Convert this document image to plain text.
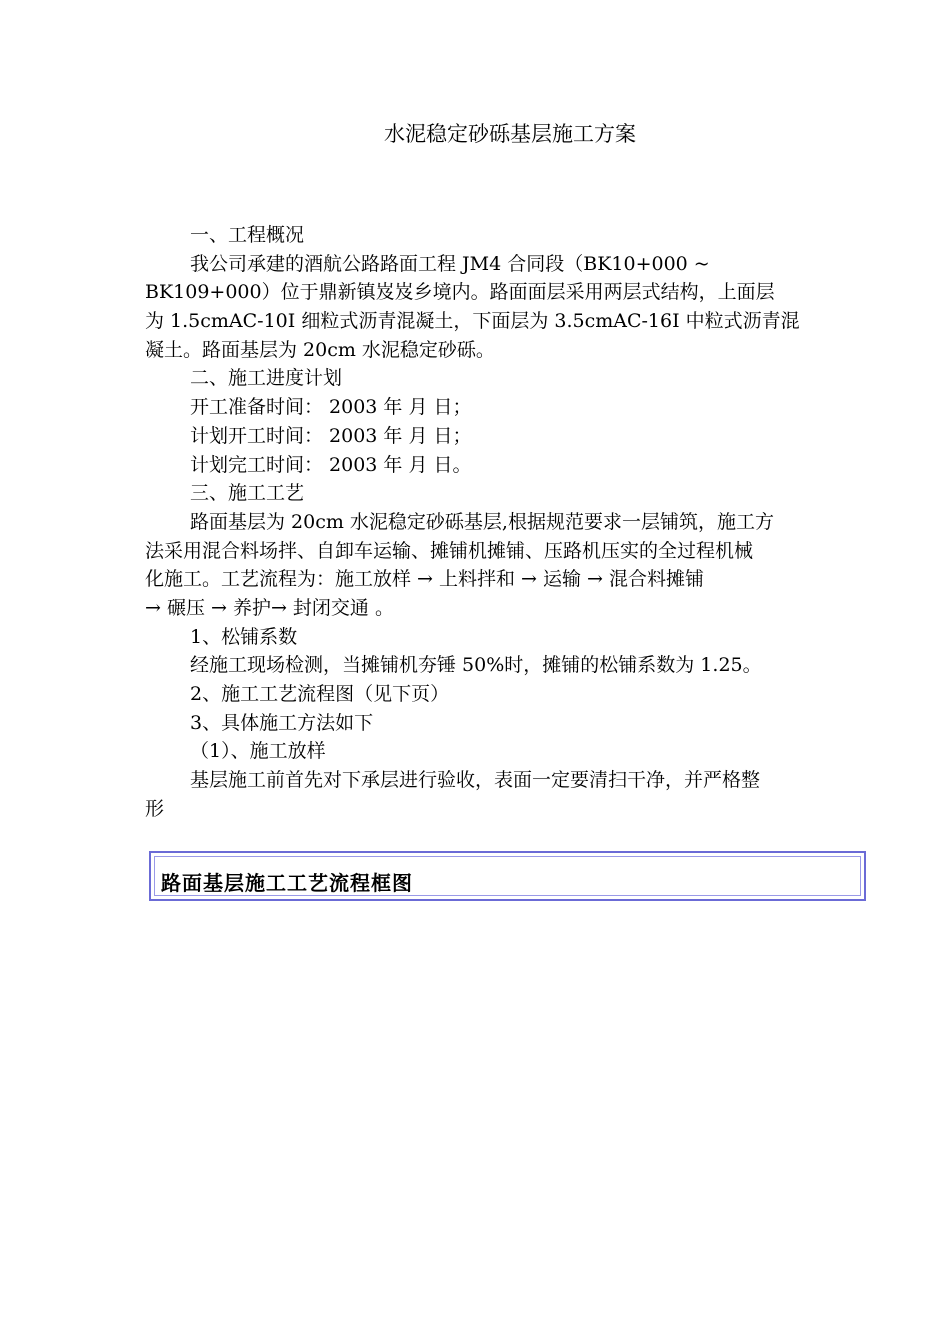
水泥稳定砂砾基层施工方案
一、工程概况
我公司承建的酒航公路路面工程 JM4 合同段（BK10+000 ~
BK109+000）位于鼎新镇岌岌乡境内。路面面层采用两层式结构，上面层
为 1.5cmAC-10I 细粒式沥青混凝土，下面层为 3.5cmAC-16I 中粒式沥青混
凝土。路面基层为 20cm 水泥稳定砂砾。
二、施工进度计划
开工准备时间： 2003 年 月 日；
计划开工时间： 2003 年 月 日；
计划完工时间： 2003 年 月 日。
三、施工工艺
路面基层为 20cm 水泥稳定砂砾基层,根据规范要求一层铺筑，施工方
法采用混合料场拌、自卸车运输、摊铺机摊铺、压路机压实的全过程机械
化施工。工艺流程为：施工放样 → 上料拌和 → 运输 → 混合料摊铺
→ 碾压 → 养护→ 封闭交通 。
1、松铺系数
经施工现场检测，当摊铺机夯锤 50%时，摊铺的松铺系数为 1.25。
2、施工工艺流程图（见下页）
3、具体施工方法如下
（1）、施工放样
基层施工前首先对下承层进行验收，表面一定要清扫干净，并严格整
形
路面基层施工工艺流程框图
